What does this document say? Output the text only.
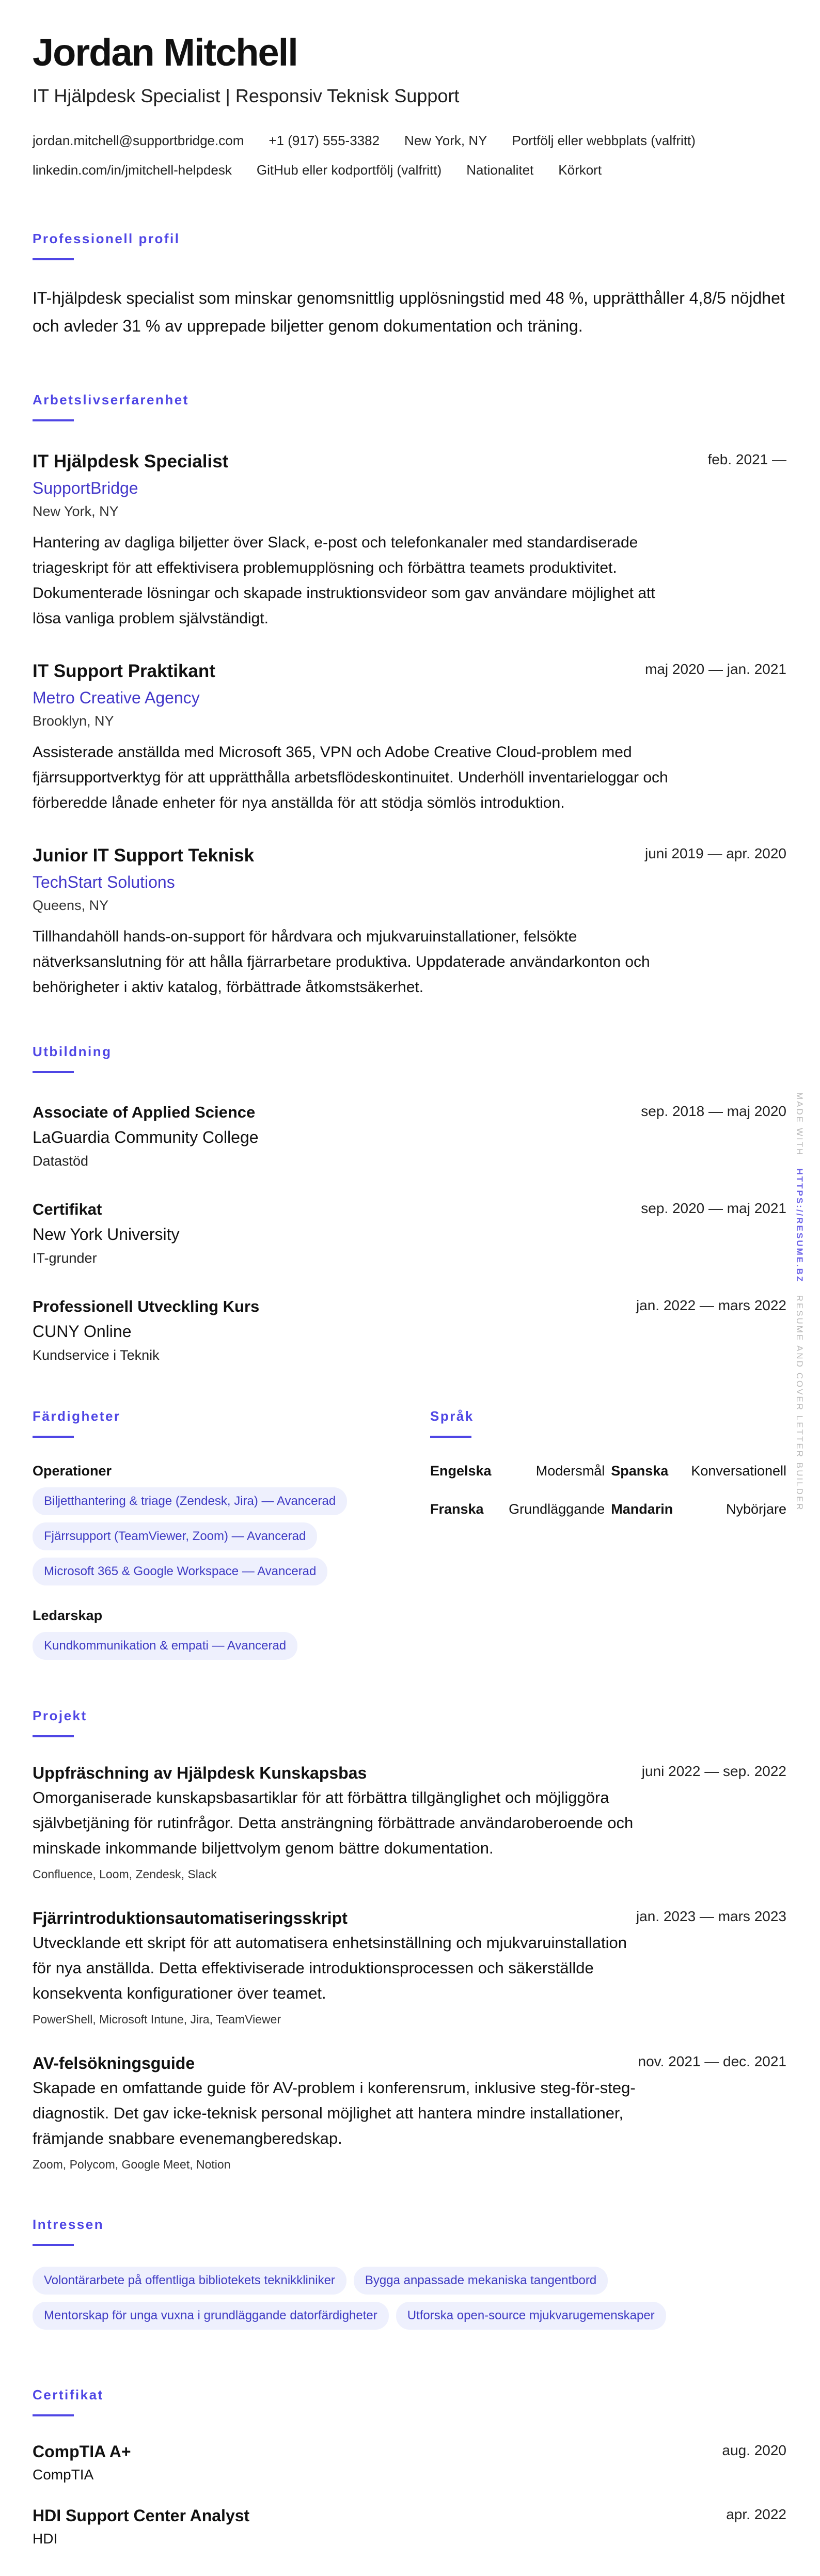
Jordan Mitchell
IT Hjälpdesk Specialist | Responsiv Teknisk Support
jordan.mitchell@supportbridge.com +1 (917) 555-3382 New York, NY Portfölj eller webbplats (valfritt)
linkedin.com/in/jmitchell-helpdesk GitHub eller kodportfölj (valfritt) Nationalitet Körkort
Professionell profil

IT-hjälpdesk specialist som minskar genomsnittlig upplösningstid med 48 %, upprätthåller 4,8/5 nöjdhet och avleder 31 % av upprepade biljetter genom dokumentation och träning.

Arbetslivserfarenhet
IT Hjälpdesk Specialist	feb. 2021 —
SupportBridge
New York, NY

Hantering av dagliga biljetter över Slack, e-post och telefonkanaler med standardiserade triageskript för att effektivisera problemupplösning och förbättra teamets produktivitet. Dokumenterade lösningar och skapade instruktionsvideor som gav användare möjlighet att lösa vanliga problem självständigt.

IT Support Praktikant	maj 2020 — jan. 2021
Metro Creative Agency
Brooklyn, NY

Assisterade anställda med Microsoft 365, VPN och Adobe Creative Cloud-problem med fjärrsupportverktyg för att upprätthålla arbetsflödeskontinuitet. Underhöll inventarieloggar och förberedde lånade enheter för nya anställda för att stödja sömlös introduktion.

Junior IT Support Teknisk	juni 2019 — apr. 2020
TechStart Solutions
Queens, NY

Tillhandahöll hands-on-support för hårdvara och mjukvaruinstallationer, felsökte nätverksanslutning för att hålla fjärrarbetare produktiva. Uppdaterade användarkonton och behörigheter i aktiv katalog, förbättrade åtkomstsäkerhet.

Utbildning
Associate of Applied Science	sep. 2018 — maj 2020
LaGuardia Community College
Datastöd
Certifikat	sep. 2020 — maj 2021
New York University
IT-grunder
Professionell Utveckling Kurs	jan. 2022 — mars 2022
CUNY Online
Kundservice i Teknik
Färdigheter
Operationer
Biljetthantering & triage (Zendesk, Jira) — Avancerad
Fjärrsupport (TeamViewer, Zoom) — Avancerad
Microsoft 365 & Google Workspace — Avancerad
Ledarskap
Kundkommunikation & empati — Avancerad
Språk
Engelska	Modersmål Spanska	Konversationell
Franska	Grundläggande Mandarin	Nybörjare
Projekt
Uppfräschning av Hjälpdesk Kunskapsbas	juni 2022 — sep. 2022

Omorganiserade kunskapsbasartiklar för att förbättra tillgänglighet och möjliggöra självbetjäning för rutinfrågor. Detta ansträngning förbättrade användaroberoende och minskade inkommande biljettvolym genom bättre dokumentation.

Confluence, Loom, Zendesk, Slack
Fjärrintroduktionsautomatiseringsskript	jan. 2023 — mars 2023

Utvecklande ett skript för att automatisera enhetsinställning och mjukvaruinstallation för nya anställda. Detta effektiviserade introduktionsprocessen och säkerställde konsekventa konfigurationer över teamet.

PowerShell, Microsoft Intune, Jira, TeamViewer
AV-felsökningsguide	nov. 2021 — dec. 2021

Skapade en omfattande guide för AV-problem i konferensrum, inklusive steg-för-steg-diagnostik. Det gav icke-teknisk personal möjlighet att hantera mindre installationer, främjande snabbare evenemangberedskap.

Zoom, Polycom, Google Meet, Notion
Intressen
Volontärarbete på offentliga bibliotekets teknikkliniker	Bygga anpassade mekaniska tangentbord
Mentorskap för unga vuxna i grundläggande datorfärdigheter	Utforska open-source mjukvarugemenskaper
Certifikat
CompTIA A+	aug. 2020
CompTIA
HDI Support Center Analyst	apr. 2022
HDI
MADE WITH   HTTPS://RESUME.BZ   RESUME AND COVER LETTER BUILDER
